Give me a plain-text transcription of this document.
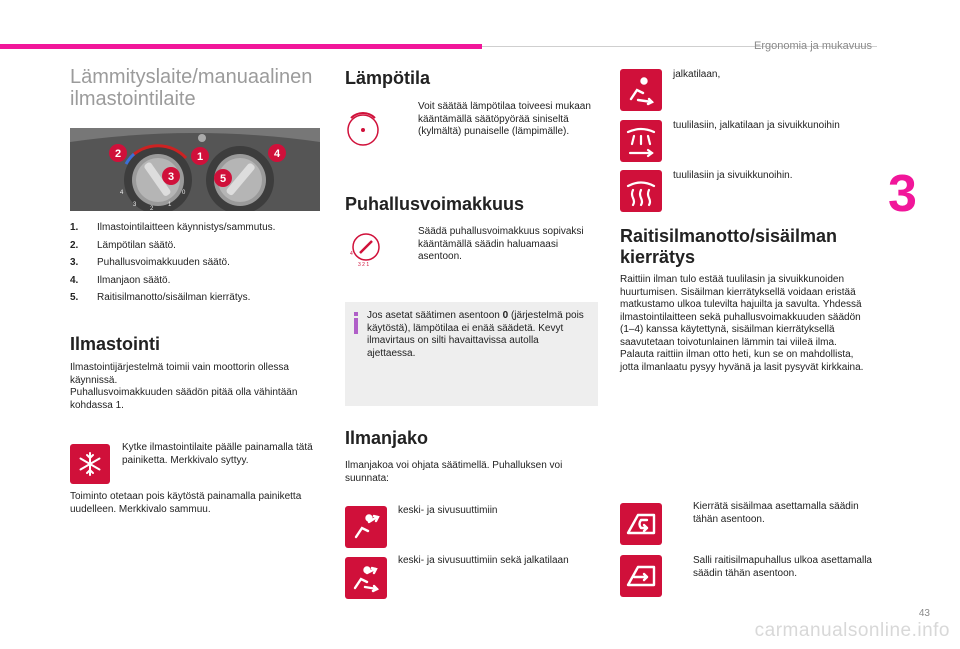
Ergonomia ja mukavuus
3
Lämmityslaite/manuaalinen
ilmastointilaite
2	1
3
4
5
4
3
2
1
0
1. Ilmastointilaitteen käynnistys/sammutus.
2. Lämpötilan säätö.
3. Puhallusvoimakkuuden säätö.
4. Ilmanjaon säätö.
5. Raitisilmanotto/sisäilman kierrätys.
Ilmastointi
Ilmastointijärjestelmä toimii vain moottorin ollessa käynnissä.
Puhallusvoimakkuuden säädön pitää olla vähintään kohdassa 1.
Kytke ilmastointilaite päälle painamalla tätä painiketta. Merkkivalo syttyy.
Toiminto otetaan pois käytöstä painamalla painiketta uudelleen. Merkkivalo sammuu.
Lämpötila
Voit säätää lämpötilaa toiveesi mukaan kääntämällä säätöpyörää siniseltä (kylmältä) punaiselle (lämpimälle).
Puhallusvoimakkuus
4
3 2 1
Säädä puhallusvoimakkuus sopivaksi kääntämällä säädin haluamaasi asentoon.
Jos asetat säätimen asentoon 0 (järjestelmä pois käytöstä), lämpötilaa ei enää säädetä. Kevyt ilmavirtaus on silti havaittavissa autolla ajettaessa.
Ilmanjako
Ilmanjakoa voi ohjata säätimellä. Puhalluksen voi suunnata:
keski- ja sivusuuttimiin
keski- ja sivusuuttimiin sekä jalkatilaan
jalkatilaan,
tuulilasiin, jalkatilaan ja sivuikkunoihin
tuulilasiin ja sivuikkunoihin.
Raitisilmanotto/sisäilman
kierrätys
Raittiin ilman tulo estää tuulilasin ja sivuikkunoiden huurtumisen. Sisäilman kierrätyksellä voidaan eristää matkustamo ulkoa tulevilta hajuilta ja savulta. Yhdessä ilmastointilaitteen sekä puhallusvoimakkuuden säädön (1–4) kanssa käytettynä, sisäilman kierrätyksellä saavutetaan toivotunlainen lämmin tai viileä ilma. Palauta raittiin ilman otto heti, kun se on mahdollista, jotta ilmanlaatu pysyy hyvänä ja lasit pysyvät kirkkaina.
Kierrätä sisäilmaa asettamalla säädin tähän asentoon.
Salli raitisilmapuhallus ulkoa asettamalla säädin tähän asentoon.
43
carmanualsonline.info
